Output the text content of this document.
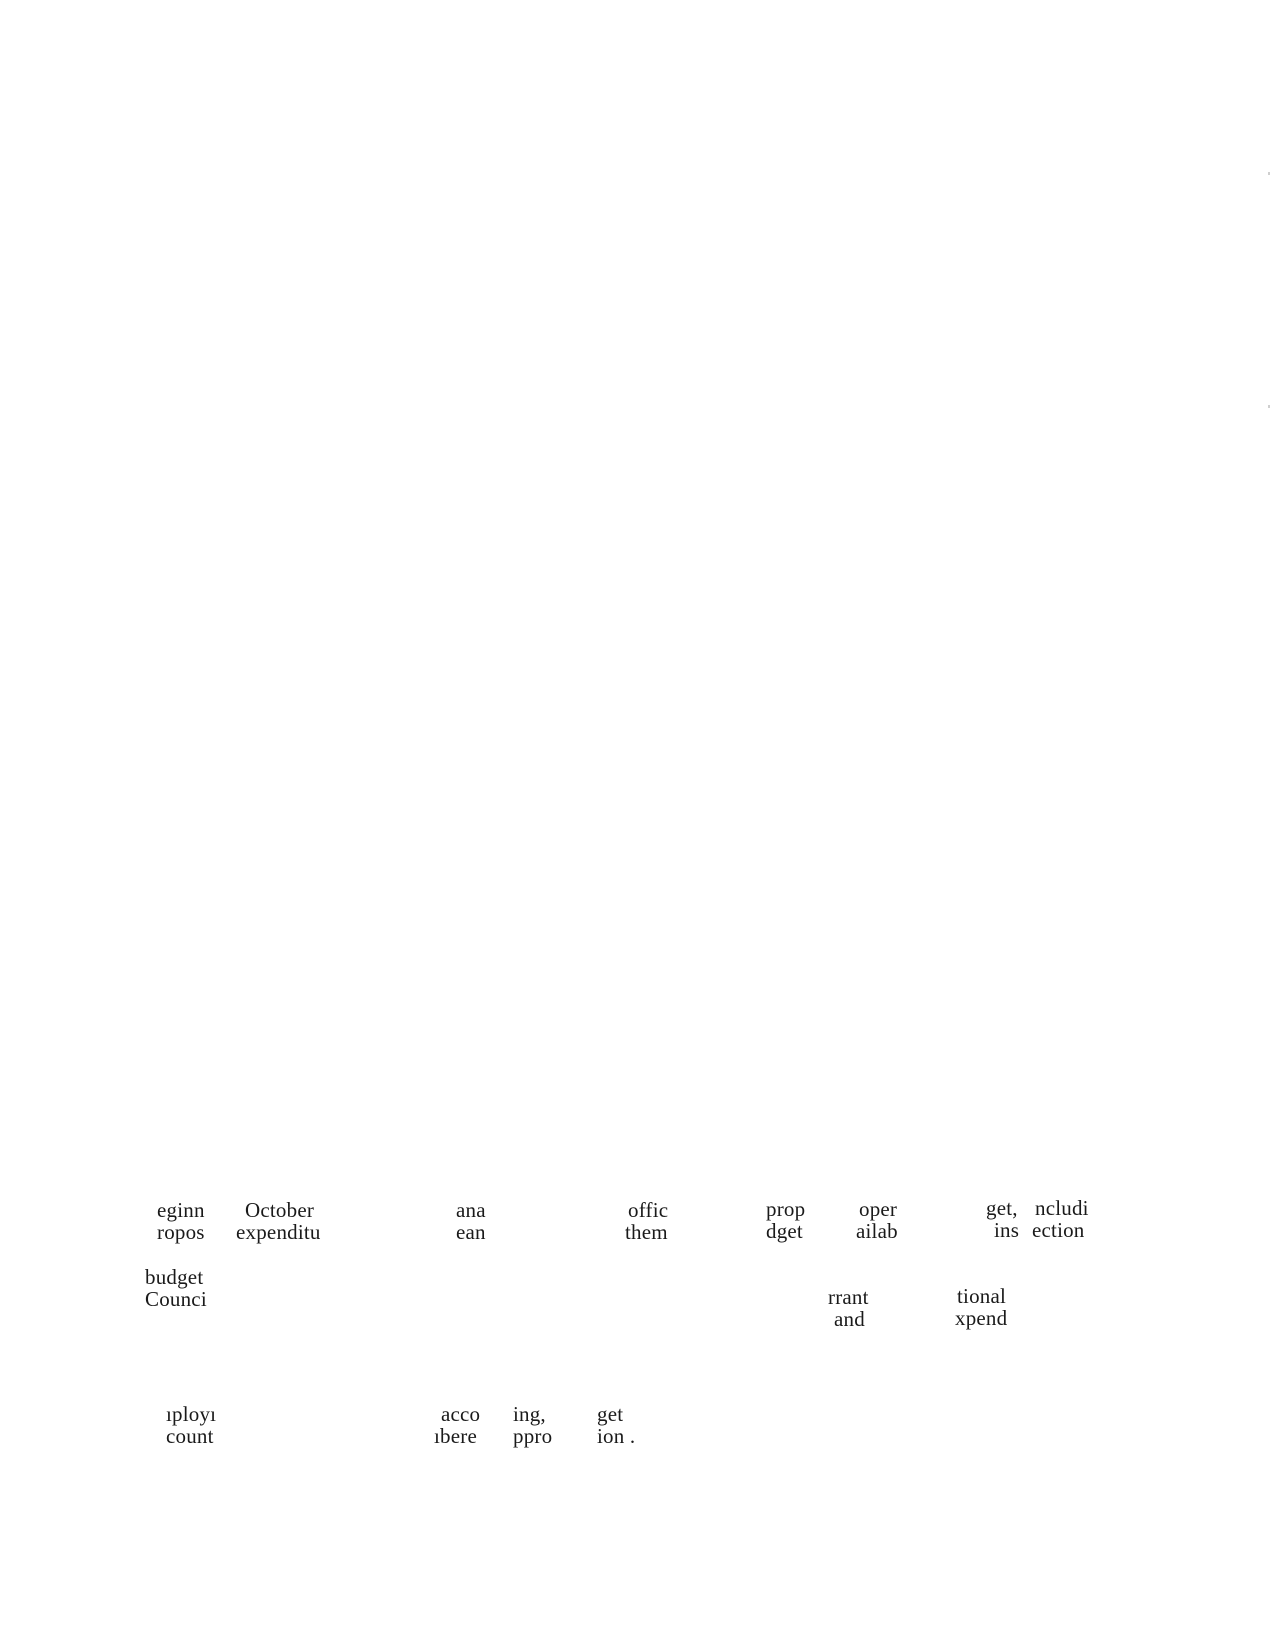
eginn
ropos
October
expenditu
ana
ean
offic
them
prop
dget
oper
ailab
get,
ins
ncludi
ection
budget
Counci	rrant
and
tional
xpend
ıployı
count
acco
ıbere
ing,
ppro
get
ion .
